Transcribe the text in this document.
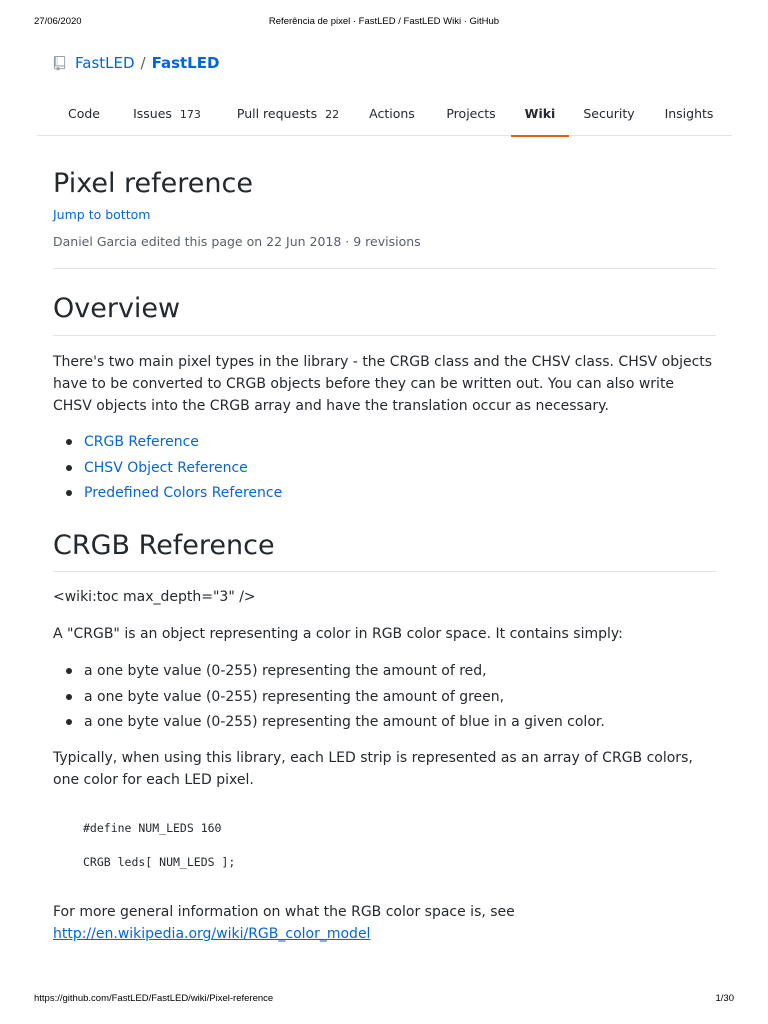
27/06/2020	Referência de pixel · FastLED / FastLED Wiki · GitHub
FastLED / FastLED
Code	Issues 173	Pull requests 22	Actions	Projects	Wiki	Security	Insights
Pixel reference
Jump to bottom
Daniel Garcia edited this page on 22 Jun 2018 · 9 revisions
Overview

There's two main pixel types in the library - the CRGB class and the CHSV class. CHSV objects have to be converted to CRGB objects before they can be written out. You can also write CHSV objects into the CRGB array and have the translation occur as necessary.

CRGB Reference
CHSV Object Reference
Predefined Colors Reference
CRGB Reference

<wiki:toc max_depth="3" />

A "CRGB" is an object representing a color in RGB color space. It contains simply:

a one byte value (0-255) representing the amount of red,
a one byte value (0-255) representing the amount of green,
a one byte value (0-255) representing the amount of blue in a given color.

Typically, when using this library, each LED strip is represented as an array of CRGB colors, one color for each LED pixel.

#define NUM_LEDS 160
CRGB leds[ NUM_LEDS ];

For more general information on what the RGB color space is, see
http://en.wikipedia.org/wiki/RGB_color_model

https://github.com/FastLED/FastLED/wiki/Pixel-reference	1/30
